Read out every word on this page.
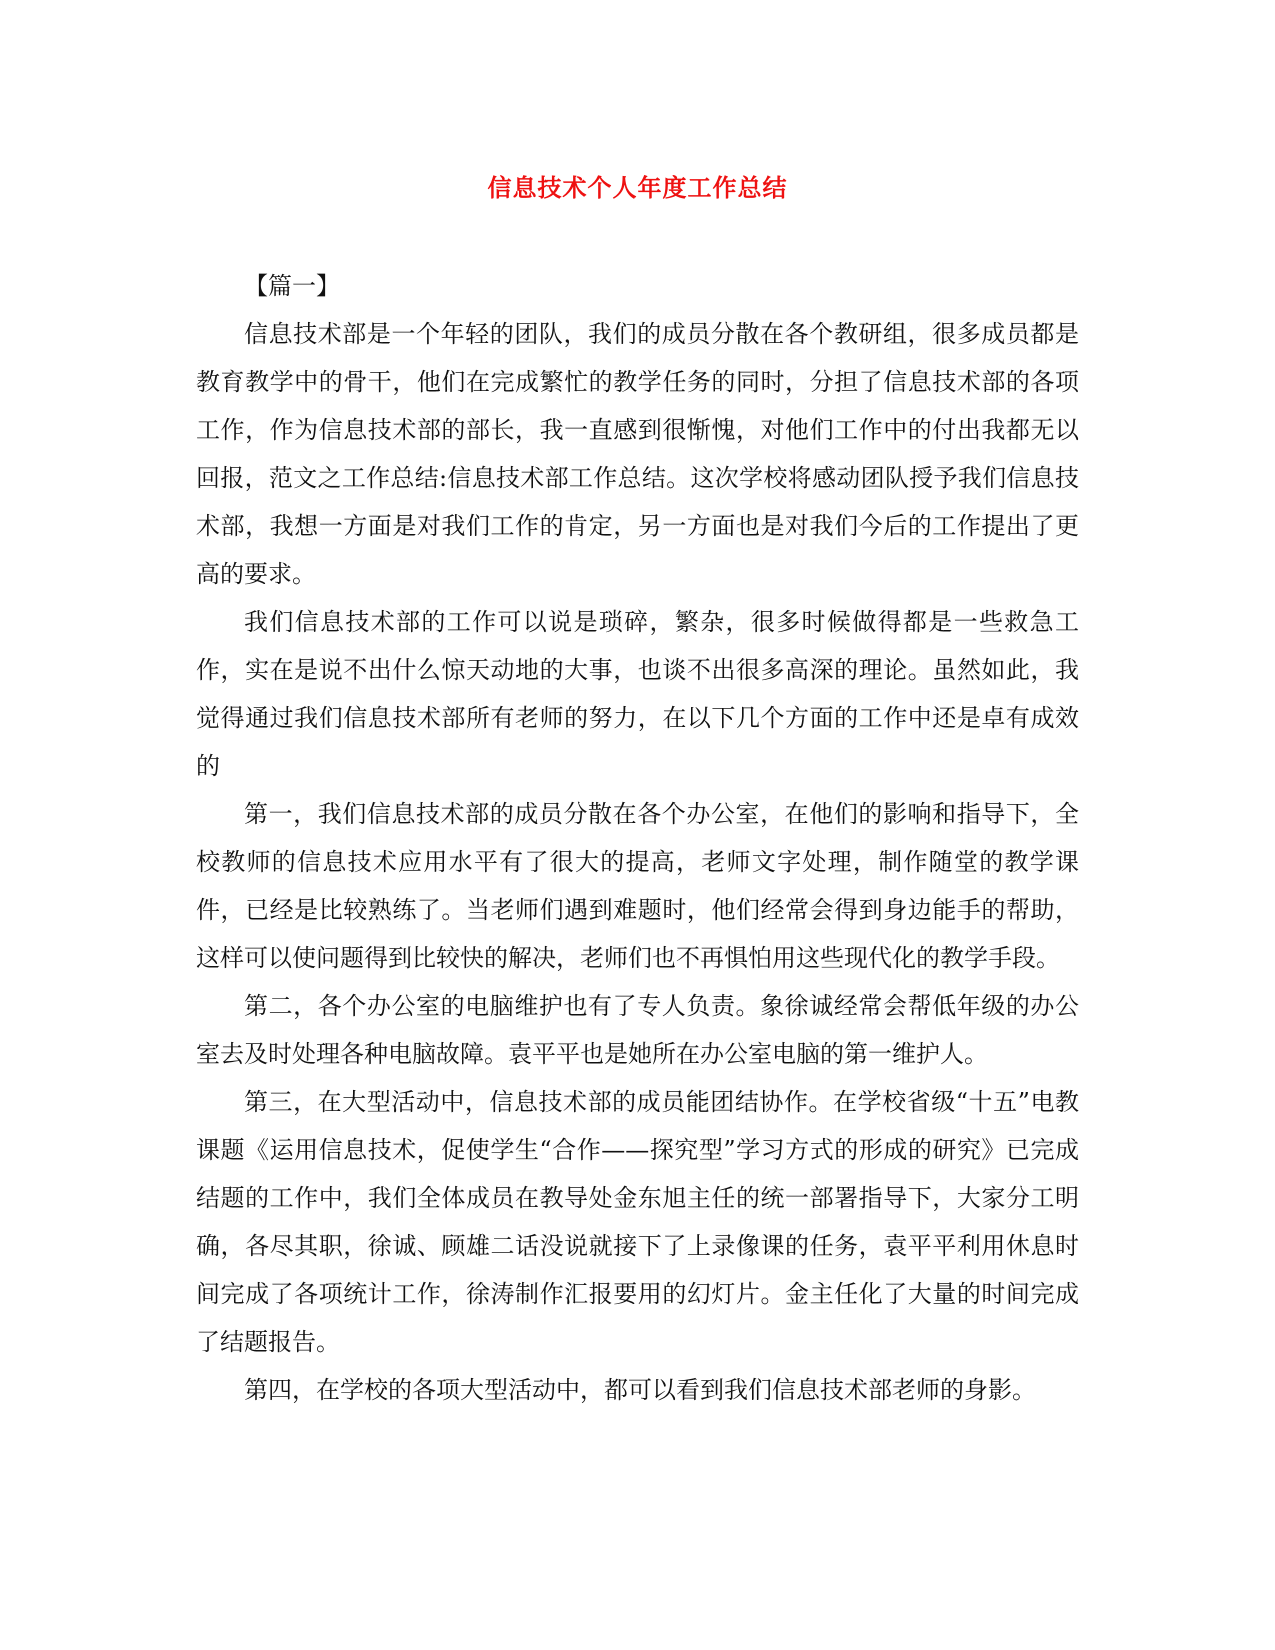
信息技术个人年度工作总结

【篇一】

信息技术部是一个年轻的团队，我们的成员分散在各个教研组，很多成员都是教育教学中的骨干，他们在完成繁忙的教学任务的同时，分担了信息技术部的各项工作，作为信息技术部的部长，我一直感到很惭愧，对他们工作中的付出我都无以回报，范文之工作总结:信息技术部工作总结。这次学校将感动团队授予我们信息技术部，我想一方面是对我们工作的肯定，另一方面也是对我们今后的工作提出了更高的要求。

我们信息技术部的工作可以说是琐碎，繁杂，很多时候做得都是一些救急工作，实在是说不出什么惊天动地的大事，也谈不出很多高深的理论。虽然如此，我觉得通过我们信息技术部所有老师的努力，在以下几个方面的工作中还是卓有成效的

第一，我们信息技术部的成员分散在各个办公室，在他们的影响和指导下，全校教师的信息技术应用水平有了很大的提高，老师文字处理，制作随堂的教学课件，已经是比较熟练了。当老师们遇到难题时，他们经常会得到身边能手的帮助，这样可以使问题得到比较快的解决，老师们也不再惧怕用这些现代化的教学手段。

第二，各个办公室的电脑维护也有了专人负责。象徐诚经常会帮低年级的办公室去及时处理各种电脑故障。袁平平也是她所在办公室电脑的第一维护人。

第三，在大型活动中，信息技术部的成员能团结协作。在学校省级“十五”电教课题《运用信息技术，促使学生“合作——探究型”学习方式的形成的研究》已完成结题的工作中，我们全体成员在教导处金东旭主任的统一部署指导下，大家分工明确，各尽其职，徐诚、顾雄二话没说就接下了上录像课的任务，袁平平利用休息时间完成了各项统计工作，徐涛制作汇报要用的幻灯片。金主任化了大量的时间完成了结题报告。

第四，在学校的各项大型活动中，都可以看到我们信息技术部老师的身影。
